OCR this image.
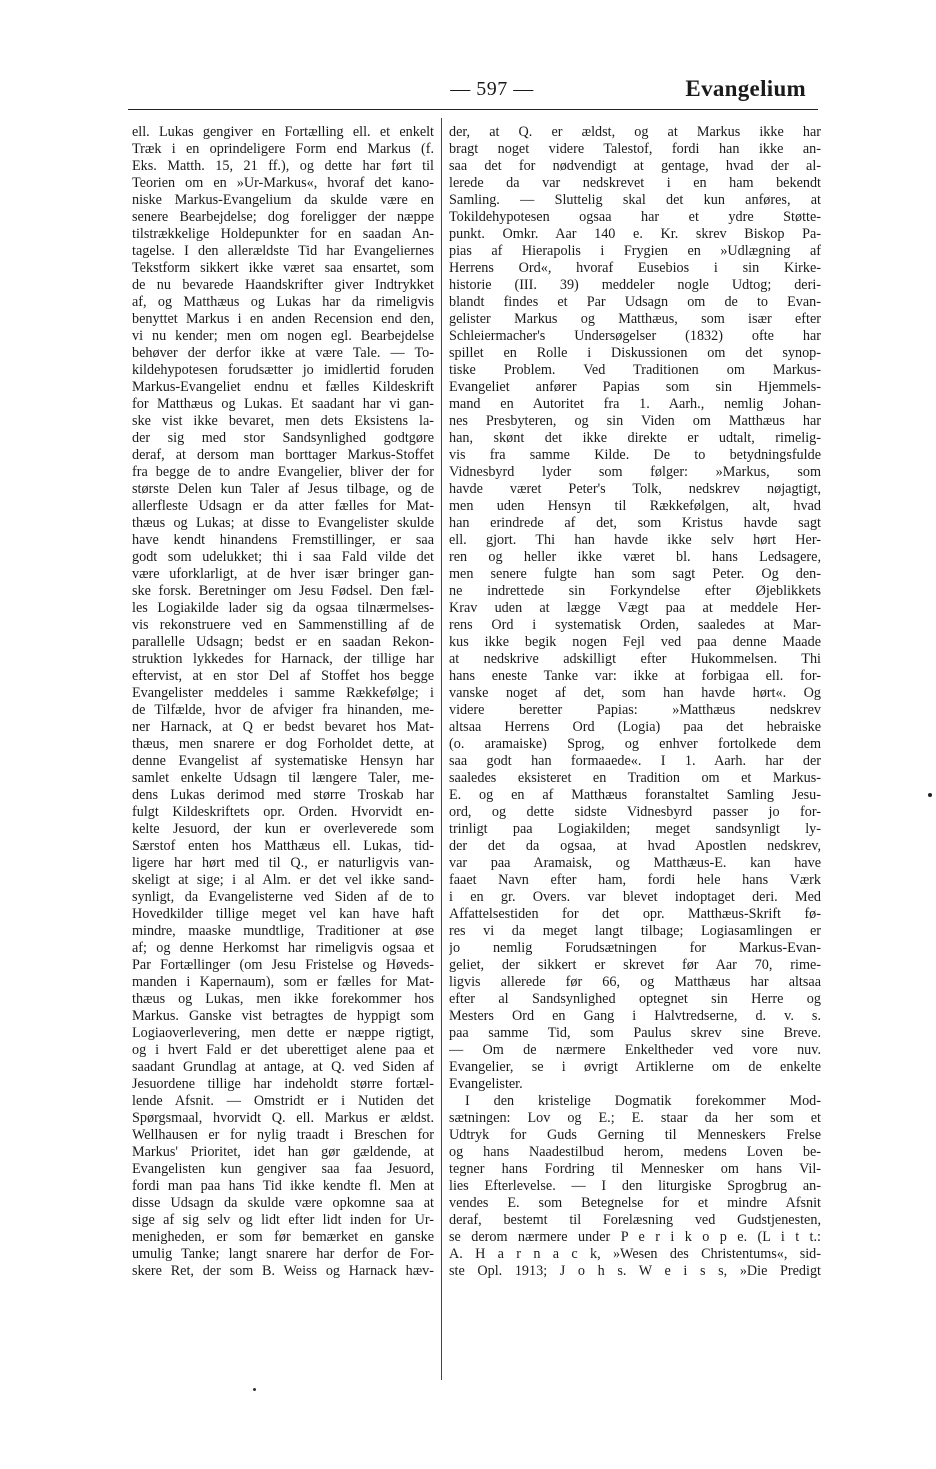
— 597 —	Evangelium
ell. Lukas gengiver en Fortælling ell. et enkelt
Træk i en oprindeligere Form end Markus (f.
Eks. Matth. 15, 21 ff.), og dette har ført til
Teorien om en »Ur-Markus«, hvoraf det kano-
niske Markus-Evangelium da skulde være en
senere Bearbejdelse; dog foreligger der næppe
tilstrækkelige Holdepunkter for en saadan An-
tagelse. I den allerældste Tid har Evangeliernes
Tekstform sikkert ikke været saa ensartet, som
de nu bevarede Haandskrifter giver Indtrykket
af, og Matthæus og Lukas har da rimeligvis
benyttet Markus i en anden Recension end den,
vi nu kender; men om nogen egl. Bearbejdelse
behøver der derfor ikke at være Tale. — To-
kildehypotesen forudsætter jo imidlertid foruden
Markus-Evangeliet endnu et fælles Kildeskrift
for Matthæus og Lukas. Et saadant har vi gan-
ske vist ikke bevaret, men dets Eksistens la-
der sig med stor Sandsynlighed godtgøre
deraf, at dersom man borttager Markus-Stoffet
fra begge de to andre Evangelier, bliver der for
største Delen kun Taler af Jesus tilbage, og de
allerfleste Udsagn er da atter fælles for Mat-
thæus og Lukas; at disse to Evangelister skulde
have kendt hinandens Fremstillinger, er saa
godt som udelukket; thi i saa Fald vilde det
være uforklarligt, at de hver især bringer gan-
ske forsk. Beretninger om Jesu Fødsel. Den fæl-
les Logiakilde lader sig da ogsaa tilnærmelses-
vis rekonstruere ved en Sammenstilling af de
parallelle Udsagn; bedst er en saadan Rekon-
struktion lykkedes for Harnack, der tillige har
eftervist, at en stor Del af Stoffet hos begge
Evangelister meddeles i samme Rækkefølge; i
de Tilfælde, hvor de afviger fra hinanden, me-
ner Harnack, at Q er bedst bevaret hos Mat-
thæus, men snarere er dog Forholdet dette, at
denne Evangelist af systematiske Hensyn har
samlet enkelte Udsagn til længere Taler, me-
dens Lukas derimod med større Troskab har
fulgt Kildeskriftets opr. Orden. Hvorvidt en-
kelte Jesuord, der kun er overleverede som
Særstof enten hos Matthæus ell. Lukas, tid-
ligere har hørt med til Q., er naturligvis van-
skeligt at sige; i al Alm. er det vel ikke sand-
synligt, da Evangelisterne ved Siden af de to
Hovedkilder tillige meget vel kan have haft
mindre, maaske mundtlige, Traditioner at øse
af; og denne Herkomst har rimeligvis ogsaa et
Par Fortællinger (om Jesu Fristelse og Høveds-
manden i Kapernaum), som er fælles for Mat-
thæus og Lukas, men ikke forekommer hos
Markus. Ganske vist betragtes de hyppigt som
Logiaoverlevering, men dette er næppe rigtigt,
og i hvert Fald er det uberettiget alene paa et
saadant Grundlag at antage, at Q. ved Siden af
Jesuordene tillige har indeholdt større fortæl-
lende Afsnit. — Omstridt er i Nutiden det
Spørgsmaal, hvorvidt Q. ell. Markus er ældst.
Wellhausen er for nylig traadt i Breschen for
Markus' Prioritet, idet han gør gældende, at
Evangelisten kun gengiver saa faa Jesuord,
fordi man paa hans Tid ikke kendte fl. Men at
disse Udsagn da skulde være opkomne saa at
sige af sig selv og lidt efter lidt inden for Ur-
menigheden, er som før bemærket en ganske
umulig Tanke; langt snarere har derfor de For-
skere Ret, der som B. Weiss og Harnack hæv-
der, at Q. er ældst, og at Markus ikke har
bragt noget videre Talestof, fordi han ikke an-
saa det for nødvendigt at gentage, hvad der al-
lerede da var nedskrevet i en ham bekendt
Samling. — Sluttelig skal det kun anføres, at
Tokildehypotesen ogsaa har et ydre Støtte-
punkt. Omkr. Aar 140 e. Kr. skrev Biskop Pa-
pias af Hierapolis i Frygien en »Udlægning af
Herrens Ord«, hvoraf Eusebios i sin Kirke-
historie (III. 39) meddeler nogle Udtog; deri-
blandt findes et Par Udsagn om de to Evan-
gelister Markus og Matthæus, som især efter
Schleiermacher's Undersøgelser (1832) ofte har
spillet en Rolle i Diskussionen om det synop-
tiske Problem. Ved Traditionen om Markus-
Evangeliet anfører Papias som sin Hjemmels-
mand en Autoritet fra 1. Aarh., nemlig Johan-
nes Presbyteren, og sin Viden om Matthæus har
han, skønt det ikke direkte er udtalt, rimelig-
vis fra samme Kilde. De to betydningsfulde
Vidnesbyrd lyder som følger: »Markus, som
havde været Peter's Tolk, nedskrev nøjagtigt,
men uden Hensyn til Rækkefølgen, alt, hvad
han erindrede af det, som Kristus havde sagt
ell. gjort. Thi han havde ikke selv hørt Her-
ren og heller ikke været bl. hans Ledsagere,
men senere fulgte han som sagt Peter. Og den-
ne indrettede sin Forkyndelse efter Øjeblikkets
Krav uden at lægge Vægt paa at meddele Her-
rens Ord i systematisk Orden, saaledes at Mar-
kus ikke begik nogen Fejl ved paa denne Maade
at nedskrive adskilligt efter Hukommelsen. Thi
hans eneste Tanke var: ikke at forbigaa ell. for-
vanske noget af det, som han havde hørt«. Og
videre beretter Papias: »Matthæus nedskrev
altsaa Herrens Ord (Logia) paa det hebraiske
(o. aramaiske) Sprog, og enhver fortolkede dem
saa godt han formaaede«. I 1. Aarh. har der
saaledes eksisteret en Tradition om et Markus-
E. og en af Matthæus foranstaltet Samling Jesu-
ord, og dette sidste Vidnesbyrd passer jo for-
trinligt paa Logiakilden; meget sandsynligt ly-
der det da ogsaa, at hvad Apostlen nedskrev,
var paa Aramaisk, og Matthæus-E. kan have
faaet Navn efter ham, fordi hele hans Værk
i en gr. Overs. var blevet indoptaget deri. Med
Affattelsestiden for det opr. Matthæus-Skrift fø-
res vi da meget langt tilbage; Logiasamlingen er
jo nemlig Forudsætningen for Markus-Evan-
geliet, der sikkert er skrevet før Aar 70, rime-
ligvis allerede før 66, og Matthæus har altsaa
efter al Sandsynlighed optegnet sin Herre og
Mesters Ord en Gang i Halvtredserne, d. v. s.
paa samme Tid, som Paulus skrev sine Breve.
— Om de nærmere Enkeltheder ved vore nuv.
Evangelier, se i øvrigt Artiklerne om de enkelte
Evangelister.
I den kristelige Dogmatik forekommer Mod-
sætningen: Lov og E.; E. staar da her som et
Udtryk for Guds Gerning til Menneskers Frelse
og hans Naadestilbud herom, medens Loven be-
tegner hans Fordring til Mennesker om hans Vil-
lies Efterlevelse. — I den liturgiske Sprogbrug an-
vendes E. som Betegnelse for et mindre Afsnit
deraf, bestemt til Forelæsning ved Gudstjenesten,
se derom nærmere under P e r i k o p e. (L i t t.:
A. H a r n a c k, »Wesen des Christentums«, sid-
ste Opl. 1913; J o h s. W e i s s, »Die Predigt
